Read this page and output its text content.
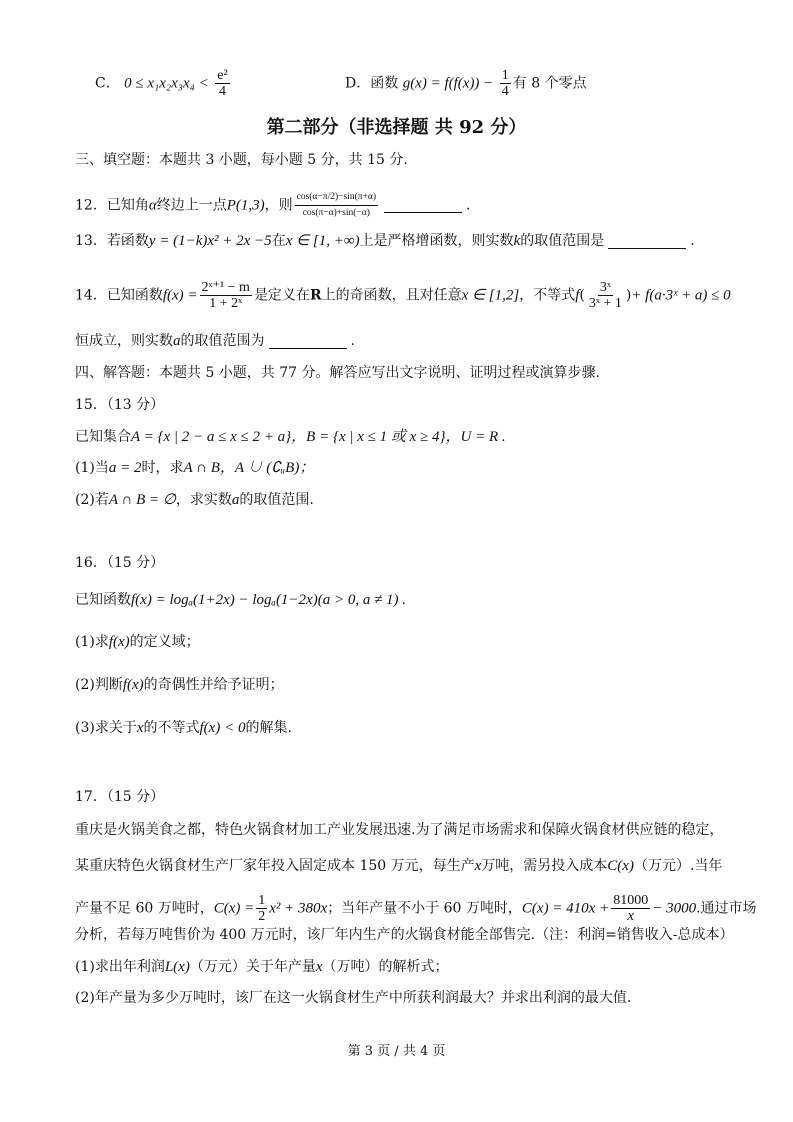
C． $0 \le x_1x_2x_3x_4 < \frac{\text{e²}}{4}$	D．函数 $g(x) = f(f(x)) - \frac{1}{4}$ 有 8 个零点
第二部分（非选择题 共 92 分）
三、填空题：本题共 3 小题，每小题 5 分，共 15 分.
12．已知角α终边上一点P(1,3)，则 $\frac{\cos(\alpha-\pi/2)-\sin(\pi+\alpha)}{\cos(\pi-\alpha)+\sin(-\alpha)}$	.
13．若函数y = (1−k)x² + 2x −5在x ∈ [1, +∞)上是严格增函数，则实数k的取值范围是	.
14．已知函数$f(x) = \frac{\text{2ˣ⁺¹ − m}}{\text{1 + 2ˣ}}$ 是定义在R上的奇函数，且对任意x ∈ [1,2]，不等式$f( \frac{\text{3ˣ}}{\text{3ˣ + 1}}$ )+ f(a·3ˣ + a) ≤ 0
恒成立，则实数a的取值范围为	.
四、解答题：本题共 5 小题，共 77 分。解答应写出文字说明、证明过程或演算步骤.
15．（13 分）
已知集合A = {x | 2 − a ≤ x ≤ 2 + a}，B = {x | x ≤ 1 或 x ≥ 4}，U = R .
(1)当a = 2时，求A ∩ B，A ∪ (∁ᵤB)；
(2)若A ∩ B = ∅，求实数a的取值范围.
16．（15 分）
已知函数f(x) = logₐ(1+2x) − logₐ(1−2x)(a > 0, a ≠ 1) .
(1)求f(x)的定义域；
(2)判断f(x)的奇偶性并给予证明；
(3)求关于x的不等式f(x) < 0的解集.
17．（15 分）
重庆是火锅美食之都，特色火锅食材加工产业发展迅速.为了满足市场需求和保障火锅食材供应链的稳定，
某重庆特色火锅食材生产厂家年投入固定成本 150 万元，每生产x万吨，需另投入成本C(x)（万元）.当年
产量不足 60 万吨时，$C(x) = \frac{1}{2} x^2 + 380x$；当年产量不小于 60 万吨时，$C(x) = 410x + \frac{81000}{x} - 3000$.通过市场
分析，若每万吨售价为 400 万元时，该厂年内生产的火锅食材能全部售完.（注：利润=销售收入-总成本）
(1)求出年利润L(x)（万元）关于年产量x（万吨）的解析式；
(2)年产量为多少万吨时，该厂在这一火锅食材生产中所获利润最大？并求出利润的最大值.
第 3 页 / 共 4 页
